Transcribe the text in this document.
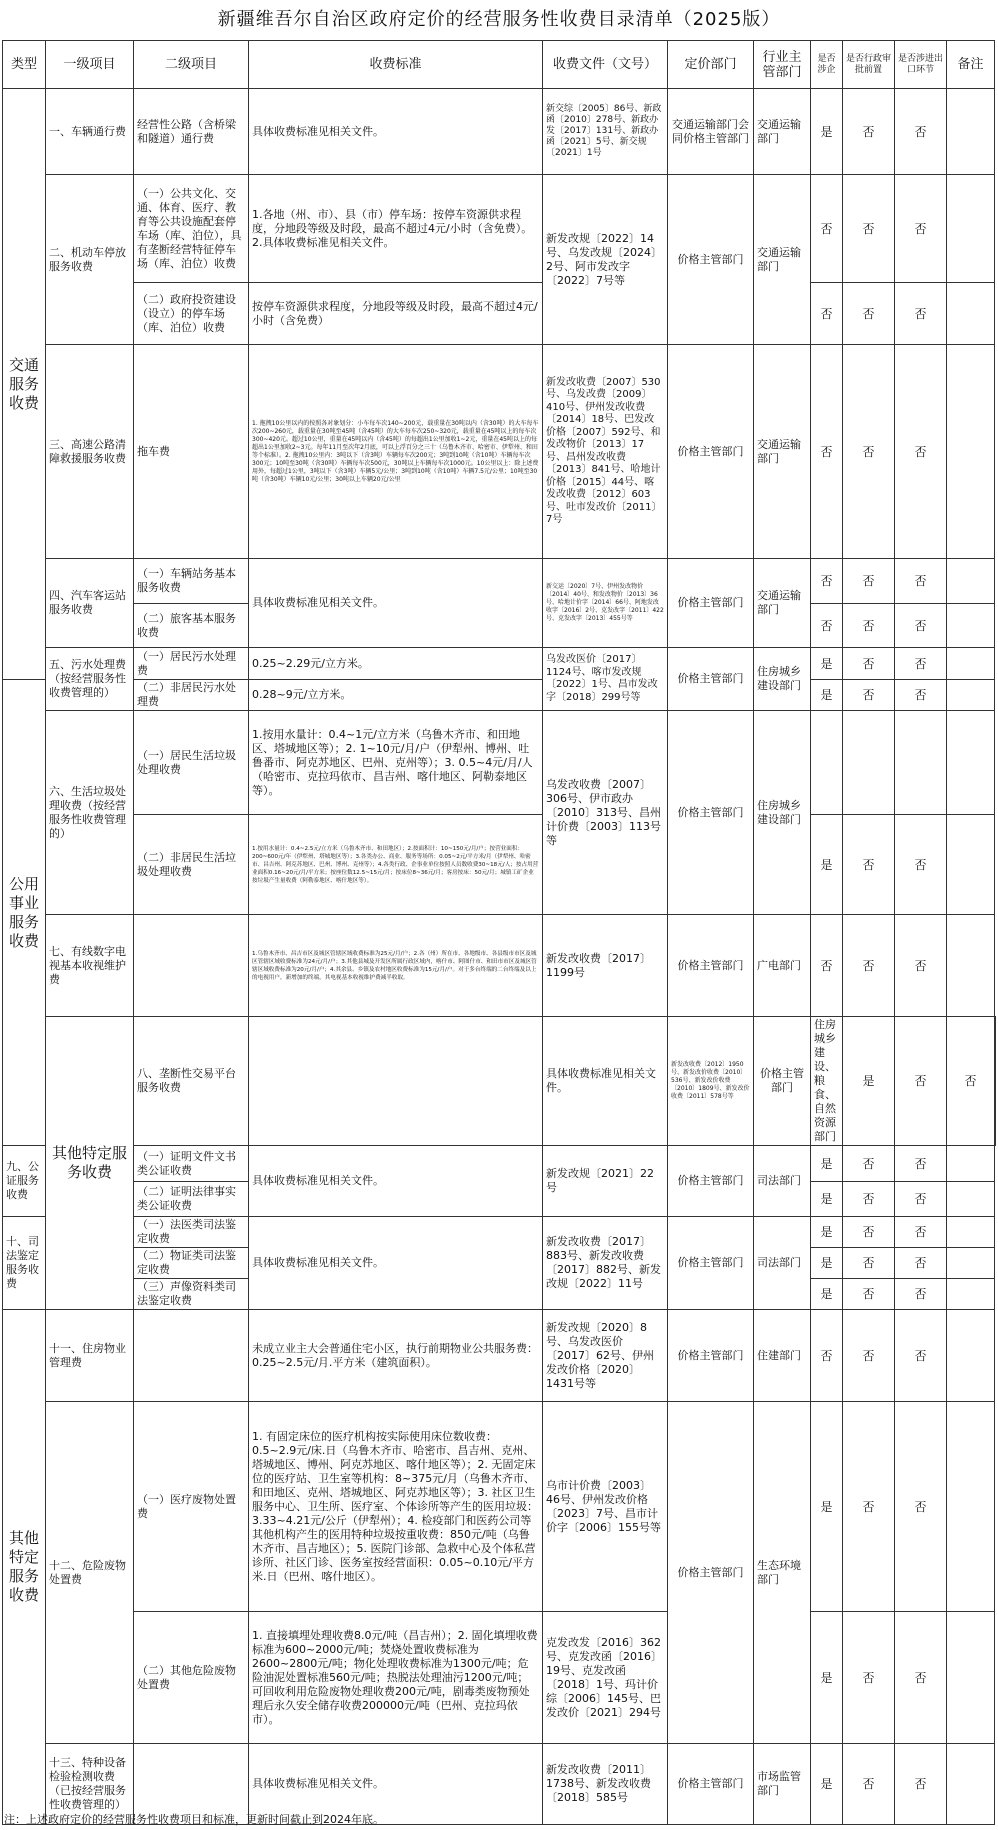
新疆维吾尔自治区政府定价的经营服务性收费目录清单（2025版）
类型	一级项目	二级项目	收费标准	收费文件（文号）	定价部门	行业主管部门	是否涉企	是否行政审批前置	是否涉进出口环节	备注	
交通服务收费	一、车辆通行费	经营性公路（含桥梁和隧道）通行费	具体收费标准见相关文件。	新交综〔2005〕86号、新政函〔2010〕278号、新政办发〔2017〕131号、新政办函〔2021〕5号、新交规〔2021〕1号	交通运输部门会同价格主管部门	交通运输部门	是	否	否		
	二、机动车停放服务收费	（一）公共文化、交通、体育、医疗、教育等公共设施配套停车场（库、泊位），具有垄断经营特征停车场（库、泊位）收费	1.各地（州、市）、县（市）停车场：按停车资源供求程度，分地段等级及时段，最高不超过4元/小时（含免费）。2.具体收费标准见相关文件。	新发改规〔2022〕14号、乌发改规〔2024〕2号、阿市发改字〔2022〕7号等	价格主管部门	交通运输部门	否	否	否		
		（二）政府投资建设（设立）的停车场（库、泊位）收费	按停车资源供求程度，分地段等级及时段，最高不超过4元/小时（含免费）				否	否	否		
	三、高速公路清障救援服务收费	拖车费	1. 拖拽10公里以内的按照各对象划分：小车每车次140~200元，载重量在30吨以内（含30吨）的大车每车次200~260元，载重量在30吨至45吨（含45吨）的大车每车次250~320元，载重量在45吨以上的每车次300~420元。超过10公里，重量在45吨以内（含45吨）的每超出1公里加收1~2元，重量在45吨以上的每超出1公里加收2~3元。每年11月至次年2月底，可以上浮百分之三十（乌鲁木齐市、哈密市、伊犁州、和田等个标准）。2. 拖拽10公里内：3吨以下（含3吨）车辆每车次200元；3吨到10吨（含10吨）车辆每车次300元；10吨至30吨（含30吨）车辆每车次500元，30吨以上车辆每车次1000元。10公里以上：除上述费用外，每超过1公里，3吨以下（含3吨）车辆5元/公里；3吨到10吨（含10吨）车辆7.5元/公里；10吨至30吨（含30吨）车辆10元/公里；30吨以上车辆20元/公里	新发改收费〔2007〕530号、乌发改费〔2009〕410号、伊州发改收费〔2014〕18号、巴发改价格〔2007〕592号、和发改物价〔2013〕17号、昌州发改收费〔2013〕841号、哈地计价格〔2015〕44号、喀发改收费〔2012〕603号、吐市发改价〔2011〕7号	价格主管部门	交通运输部门	否	否	否		
	四、汽车客运站服务收费	（一）车辆站务基本服务收费	具体收费标准见相关文件。	新交运〔2020〕7号、伊州发改物价〔2014〕40号、和发改物价〔2013〕36号、哈地计价字〔2014〕66号、阿地发改收字〔2016〕2号、克发改字〔2011〕422号、克发改字〔2013〕455号等	价格主管部门	交通运输部门	否	否	否		
		（二）旅客基本服务收费					否	否	否		
	五、污水处理费（按经营服务性收费管理的）	（一）居民污水处理费	0.25~2.29元/立方米。	乌发改医价〔2017〕1124号、喀市发改规〔2022〕1号、昌市发改字〔2018〕299号等	价格主管部门	住房城乡建设部门	是	否	否		
公用事业服务收费		（二）非居民污水处理费	0.28~9元/立方米。				是	否	否		
	六、生活垃圾处理收费（按经营服务性收费管理的）	（一）居民生活垃圾处理收费	1.按用水量计：0.4~1元/立方米（乌鲁木齐市、和田地区、塔城地区等）；2. 1~10元/月/户（伊犁州、博州、吐鲁番市、阿克苏地区、巴州、克州等）；3. 0.5~4元/月/人（哈密市、克拉玛依市、昌吉州、喀什地区、阿勒泰地区等）。	乌发改收费〔2007〕306号、伊市政办〔2010〕313号、昌州计价费〔2003〕113号等	价格主管部门	住房城乡建设部门					
		（二）非居民生活垃圾处理收费	1.按用水量计：0.4~2.5元/立方米（乌鲁木齐市、和田地区）；2.按面积计：10~150元/月/户；按营业面积：200~600元/年（伊犁州、塔城地区等）；3.各类办公、商业、服务等场所：0.05~2元/平方米/月（伊犁州、哈密市、昌吉州、阿克苏地区、巴州、博州、克州等）；4.各类行政、企事业单位按照人员数收费30~18元/人；按占用营业面积0.16~20元/月/平方米；按座位数12.5~15元/月；按床位8~36元/月；客房按床：50元/月；城镇工矿企业按垃圾产生量收费（阿勒泰地区、喀什地区等）。				是	否	否		
	七、有线数字电视基本收视维护费		1.乌鲁木齐市、昌吉市区及城区管辖区域收费标准为25元/月/户；2.各（州）所在市、各地级市、各县级市市区及城区管辖区域收费标准为24元/月/户；3.其他县城及开发区所属行政区域内，喀什市、阿图什市、和田市市区及城区管辖区域收费标准为20元/月/户；4.其余县、乡镇及农村地区收费标准为15元/月/户。对于多台终端的二台终端及以上的电视用户，新增加的终端，其电视基本收视维护费减半收取。	新发改收费〔2017〕1199号	价格主管部门	广电部门	否	否	否		
	其他特定服务收费	八、垄断性交易平台服务收费		具体收费标准见相关文件。	新发改收费〔2012〕1950号、新发改价收费〔2010〕536号、新发改价收费〔2010〕1809号、新发改价收费〔2011〕578号等	价格主管部门	住房城乡建设、粮食、自然资源部门	是	否	否	
九、公证服务收费		（一）证明文件文书类公证收费	具体收费标准见相关文件。	新发改规〔2021〕22号	价格主管部门	司法部门	是	否	否		
		（二）证明法律事实类公证收费					是	否	否		
十、司法鉴定服务收费		（一）法医类司法鉴定收费	具体收费标准见相关文件。	新发改收费〔2017〕883号、新发改收费〔2017〕882号、新发改规〔2022〕11号	价格主管部门	司法部门	是	否	否		
		（二）物证类司法鉴定收费					是	否	否		
		（三）声像资料类司法鉴定收费					是	否	否		
其他特定服务收费	十一、住房物业管理费		未成立业主大会普通住宅小区，执行前期物业公共服务费：0.25~2.5元/月.平方米（建筑面积）。	新发改规〔2020〕8号、乌发改医价〔2017〕62号、伊州发改价格〔2020〕1431号等	价格主管部门	住建部门	否	否	否		
	十二、危险废物处置费	（一）医疗废物处置费	1. 有固定床位的医疗机构按实际使用床位数收费：0.5~2.9元/床.日（乌鲁木齐市、哈密市、昌吉州、克州、塔城地区、博州、阿克苏地区、喀什地区等）；2. 无固定床位的医疗站、卫生室等机构：8~375元/月（乌鲁木齐市、和田地区、克州、塔城地区、阿克苏地区等）；3. 社区卫生服务中心、卫生所、医疗室、个体诊所等产生的医用垃圾：3.33~4.21元/公斤（伊犁州）；4. 检疫部门和医药公司等其他机构产生的医用特种垃圾按重收费：850元/吨（乌鲁木齐市、昌吉地区）；5. 医院门诊部、急救中心及个体私营诊所、社区门诊、医务室按经营面积：0.05~0.10元/平方米.日（巴州、喀什地区）。	乌市计价费〔2003〕46号、伊州发改价格〔2023〕7号、昌市计价字〔2006〕155号等	价格主管部门	生态环境部门	是	否	否		
		（二）其他危险废物处置费	1. 直接填埋处理收费8.0元/吨（昌吉州）；2. 固化填埋收费标准为600~2000元/吨；焚烧处置收费标准为2600~2800元/吨；物化处理收费标准为1300元/吨；危险油泥处置标准560元/吨；热脱法处理油污1200元/吨；可回收利用危险废物处理收费200元/吨，剧毒类废物预处理后永久安全储存收费200000元/吨（巴州、克拉玛依市）。	克发改发〔2016〕362号、克发改函〔2016〕19号、克发改函〔2018〕1号、玛计价综〔2006〕145号、巴发改价〔2021〕294号			是	否	否		
	十三、特种设备检验检测收费（已按经营服务性收费管理的）		具体收费标准见相关文件。	新发改收费〔2011〕1738号、新发改收费〔2018〕585号	价格主管部门	市场监管部门	是	否	否		
注：上述政府定价的经营服务性收费项目和标准，更新时间截止到2024年底。
